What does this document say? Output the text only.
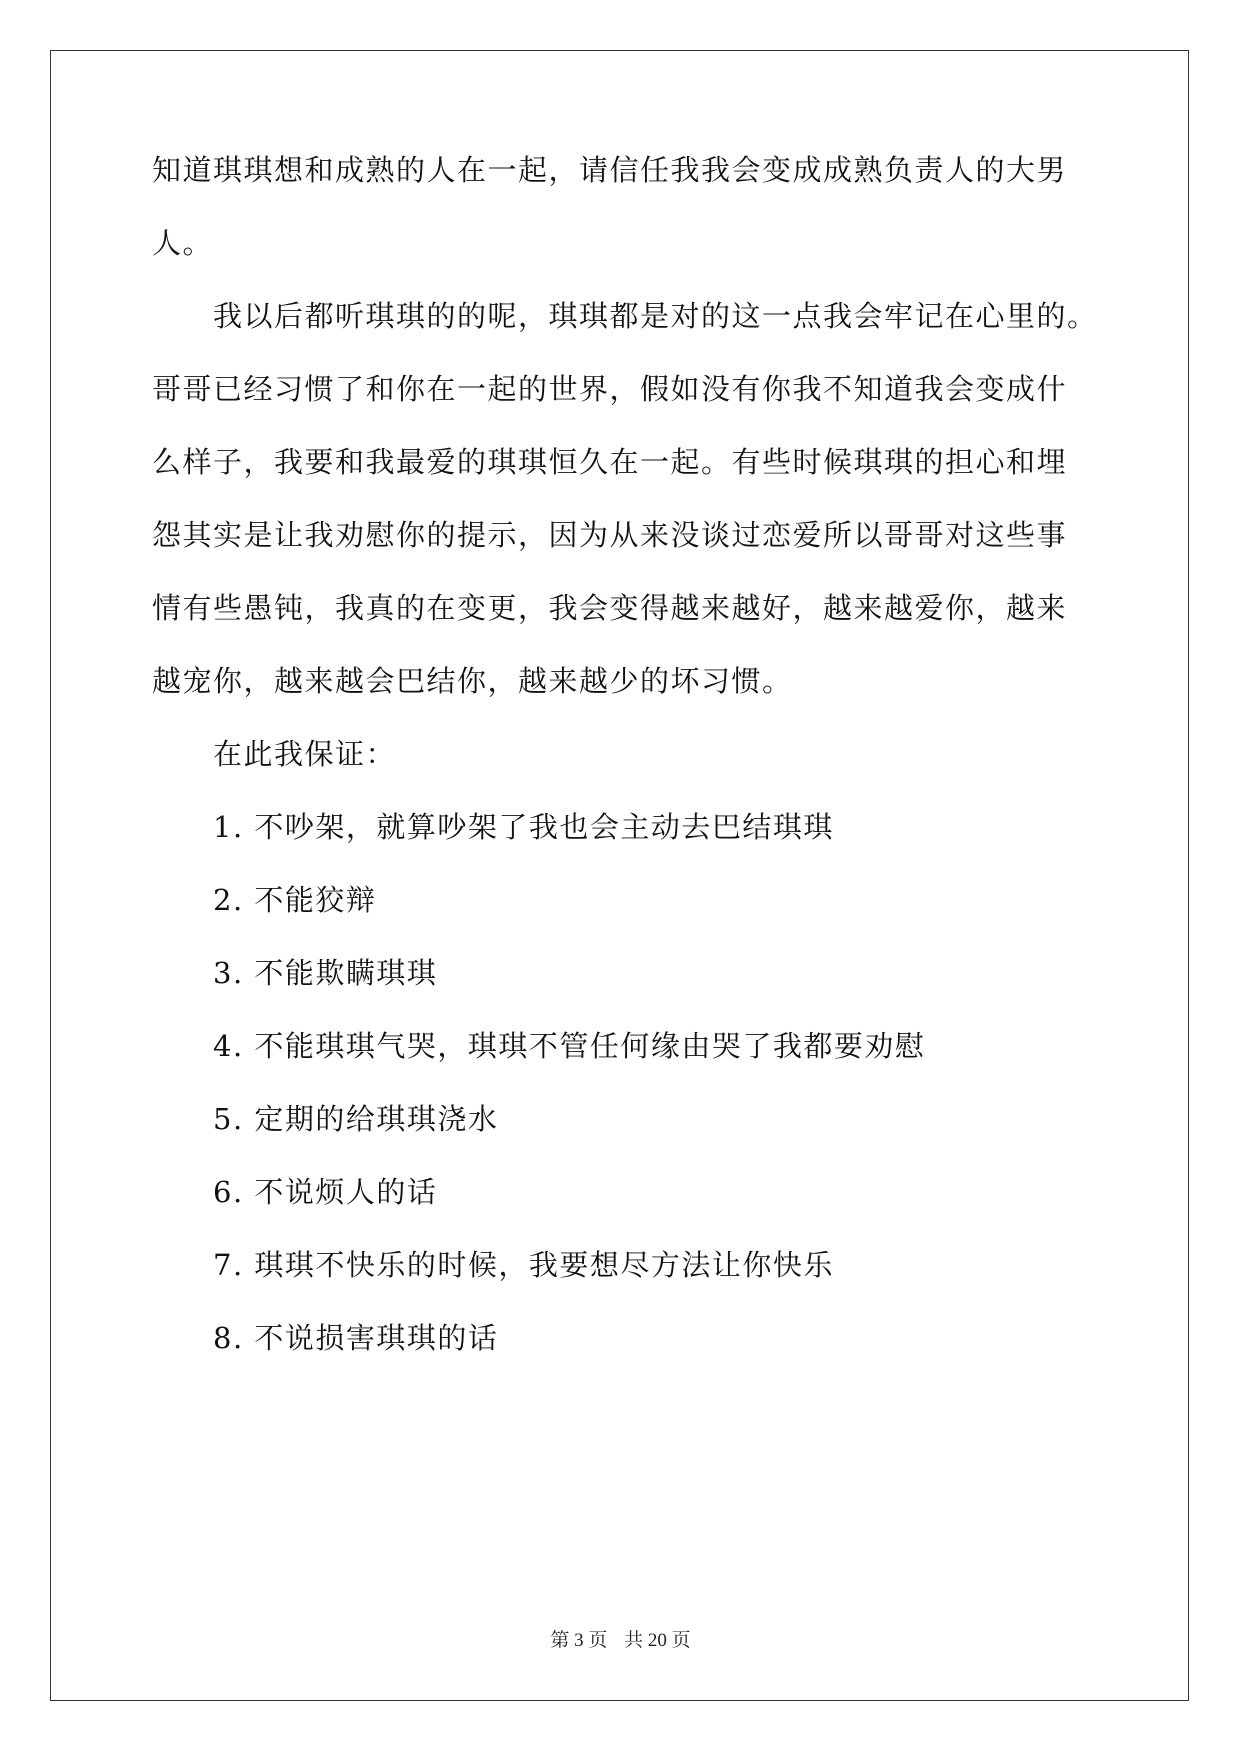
知道琪琪想和成熟的人在一起，请信任我我会变成成熟负责人的大男
人。
我以后都听琪琪的的呢，琪琪都是对的这一点我会牢记在心里的。
哥哥已经习惯了和你在一起的世界，假如没有你我不知道我会变成什
么样子，我要和我最爱的琪琪恒久在一起。有些时候琪琪的担心和埋
怨其实是让我劝慰你的提示，因为从来没谈过恋爱所以哥哥对这些事
情有些愚钝，我真的在变更，我会变得越来越好，越来越爱你，越来
越宠你，越来越会巴结你，越来越少的坏习惯。
在此我保证：
1. 不吵架，就算吵架了我也会主动去巴结琪琪
2. 不能狡辩
3. 不能欺瞒琪琪
4. 不能琪琪气哭，琪琪不管任何缘由哭了我都要劝慰
5. 定期的给琪琪浇水
6. 不说烦人的话
7. 琪琪不快乐的时候，我要想尽方法让你快乐
8. 不说损害琪琪的话
第 3 页 共 20 页
